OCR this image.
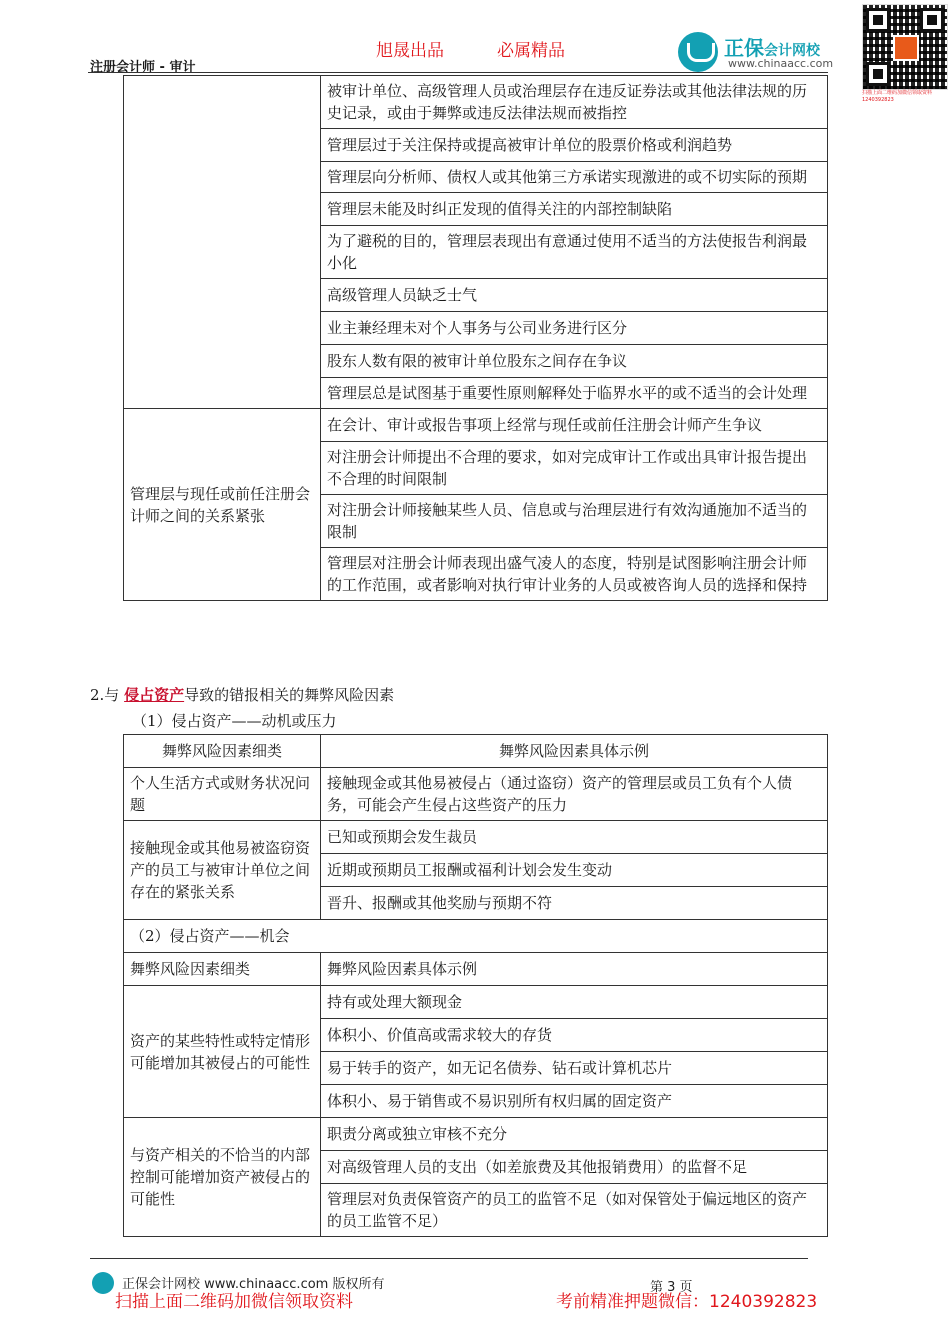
注册会计师 - 审计
旭晟出品	必属精品	正保会计网校
www.chinaacc.com
扫描上面二维码加微信领取资料 1240392823
	被审计单位、高级管理人员或治理层存在违反证券法或其他法律法规的历史记录，或由于舞弊或违反法律法规而被指控
	管理层过于关注保持或提高被审计单位的股票价格或利润趋势
	管理层向分析师、债权人或其他第三方承诺实现激进的或不切实际的预期
	管理层未能及时纠正发现的值得关注的内部控制缺陷
	为了避税的目的，管理层表现出有意通过使用不适当的方法使报告利润最小化
	高级管理人员缺乏士气
	业主兼经理未对个人事务与公司业务进行区分
	股东人数有限的被审计单位股东之间存在争议
	管理层总是试图基于重要性原则解释处于临界水平的或不适当的会计处理
管理层与现任或前任注册会计师之间的关系紧张	在会计、审计或报告事项上经常与现任或前任注册会计师产生争议
	对注册会计师提出不合理的要求，如对完成审计工作或出具审计报告提出不合理的时间限制
	对注册会计师接触某些人员、信息或与治理层进行有效沟通施加不适当的限制
	管理层对注册会计师表现出盛气凌人的态度，特别是试图影响注册会计师的工作范围，或者影响对执行审计业务的人员或被咨询人员的选择和保持
2.与 侵占资产导致的错报相关的舞弊风险因素
（1）侵占资产——动机或压力
舞弊风险因素细类	舞弊风险因素具体示例
个人生活方式或财务状况问题	接触现金或其他易被侵占（通过盗窃）资产的管理层或员工负有个人债务，可能会产生侵占这些资产的压力
接触现金或其他易被盗窃资产的员工与被审计单位之间存在的紧张关系	已知或预期会发生裁员
	近期或预期员工报酬或福利计划会发生变动
	晋升、报酬或其他奖励与预期不符
（2）侵占资产——机会	
舞弊风险因素细类	舞弊风险因素具体示例
资产的某些特性或特定情形可能增加其被侵占的可能性	持有或处理大额现金
	体积小、价值高或需求较大的存货
	易于转手的资产，如无记名债券、钻石或计算机芯片
	体积小、易于销售或不易识别所有权归属的固定资产
与资产相关的不恰当的内部控制可能增加资产被侵占的可能性	职责分离或独立审核不充分
	对高级管理人员的支出（如差旅费及其他报销费用）的监督不足
	管理层对负责保管资产的员工的监管不足（如对保管处于偏远地区的资产的员工监管不足）
正保会计网校 www.chinaacc.com 版权所有	第 3 页
扫描上面二维码加微信领取资料	考前精准押题微信：1240392823
